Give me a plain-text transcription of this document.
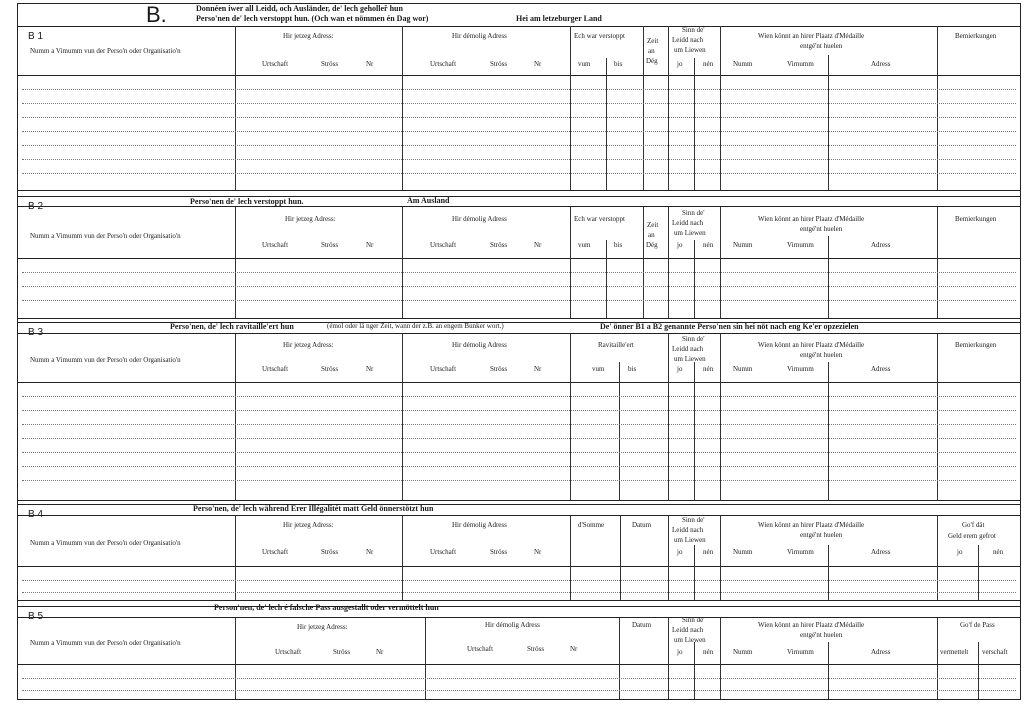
B.	Donnéen iwer all Leidd, och Ausländer, de' lech geholleř hun
Perso'nen de' lech verstoppt hun. (Och wan et nömmen én Dag wor)	Hei am letzeburger Land
B 1
Numm a Vimumm vun der Perso'n oder Organisatio'n
Hir jetzeg Adress:
Urtschaft	Ströss	Nr
Hir démolig Adress
Urtschaft	Ströss	Nr
Ech war verstoppt
vum	bis
Zeit
an
Dég
Sinn de'
Leidd nach
um Liewen
jo	nén
Wien könnt an hirer Plaatz d'Médaille
entgé'nt huelen
Numm	Virnumm	Adress
Bemierkungen
B 2	Perso'nen de' lech verstoppt hun.	Am Ausland
Numm a Vimumm vun der Perso'n oder Organisatio'n
Hir jetzeg Adress:
Urtschaft	Ströss	Nr
Hir démolig Adress
Urtschaft	Ströss	Nr
Ech war verstoppt
vum	bis
Zeit
an
Dég
Sinn de'
Leidd nach
um Liewen
jo	nén
Wien könnt an hirer Plaatz d'Médaille
entgé'nt huelen
Numm	Virnumm	Adress
Bemierkungen
B 3
Perso'nen, de' lech ravitaille'ert hun	(émol oder lä nger Zeit, wann der z.B. an engem Bunker wort.)	De' önner B1 a B2 genannte Perso'nen sin hei nöt nach eng Ke'er opzezielen
Numm a Vimumm vun der Perso'n oder Organisatio'n
Hir jetzeg Adress:
Urtschaft	Ströss	Nr
Hir démolig Adress
Urtschaft	Ströss	Nr
Ravitaille'ert
vum	bis
Sinn de'
Leidd nach
um Liewen
jo	nén
Wien könnt an hirer Plaatz d'Médaille
entgé'nt huelen
Numm	Virnumm	Adress
Bemierkungen
B 4
Perso'nen, de' lech während Erer Illégalitét matt Geld önnerstötzt hun
Numm a Vimumm vun der Perso'n oder Organisatio'n
Hir jetzeg Adress:
Urtschaft	Ströss	Nr
Hir démolig Adress
Urtschaft	Ströss	Nr
d'Somme	Datum
Sinn de'
Leidd nach
um Liewen
jo	nén
Wien könnt an hirer Plaatz d'Médaille
entgé'nt huelen
Numm	Virnumm	Adress
Go'f dät
Geld erem gefrot
jo	nén
B 5
Person'nen, de' lech é falsche Pass ausgestallt oder vermöttelt hun
Numm a Vimumm vun der Perso'n oder Organisatio'n
Hir jetzeg Adress:
Urtschaft	Ströss	Nr
Hir démolig Adress
Urtschaft	Ströss	Nr
Datum
Sinn de'
Leidd nach
um Liewen
jo	nén
Wien könnt an hirer Plaatz d'Médaille
entgé'nt huelen
Numm	Virnumm	Adress
Go'f de Pass
vermettelt verschaft
